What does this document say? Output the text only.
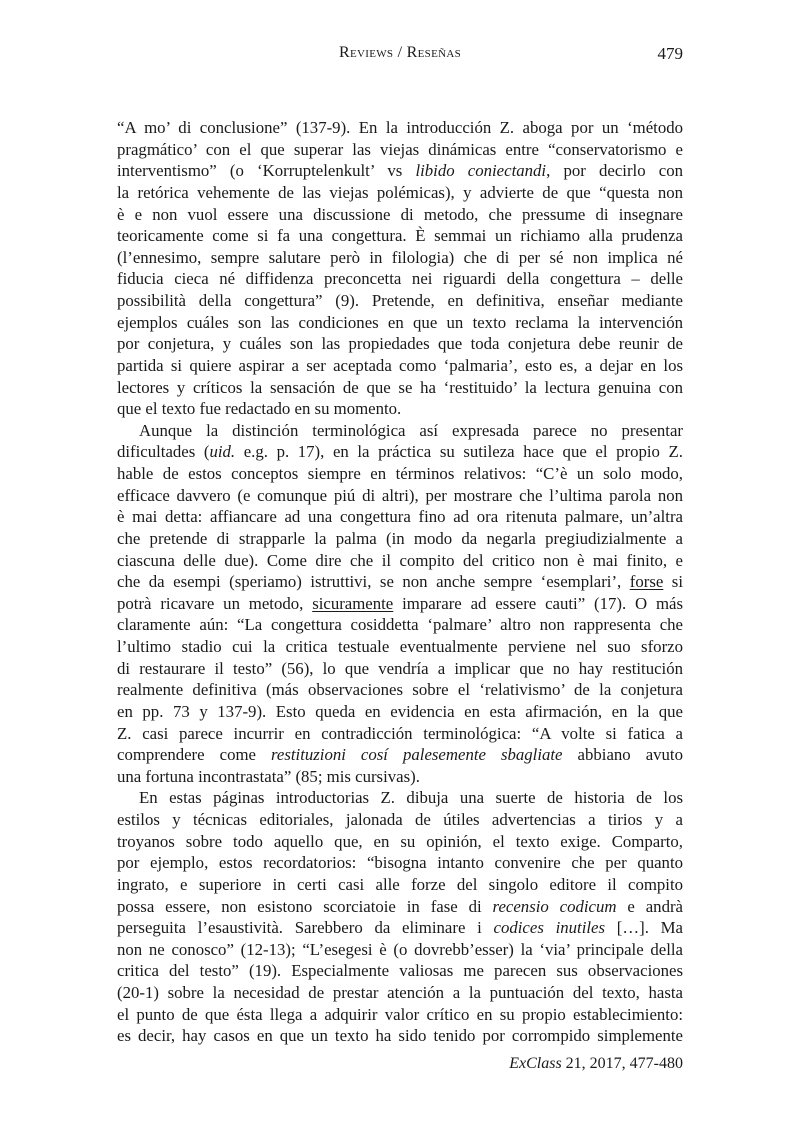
Reviews / Reseñas	479
“A mo’ di conclusione” (137-9). En la introducción Z. aboga por un ‘método
pragmático’ con el que superar las viejas dinámicas entre “conservatorismo e
interventismo” (o ‘Korruptelenkult’ vs libido coniectandi, por decirlo con
la retórica vehemente de las viejas polémicas), y advierte de que “questa non
è e non vuol essere una discussione di metodo, che pressume di insegnare
teoricamente come si fa una congettura. È semmai un richiamo alla prudenza
(l’ennesimo, sempre salutare però in filologia) che di per sé non implica né
fiducia cieca né diffidenza preconcetta nei riguardi della congettura – delle
possibilità della congettura” (9). Pretende, en definitiva, enseñar mediante
ejemplos cuáles son las condiciones en que un texto reclama la intervención
por conjetura, y cuáles son las propiedades que toda conjetura debe reunir de
partida si quiere aspirar a ser aceptada como ‘palmaria’, esto es, a dejar en los
lectores y críticos la sensación de que se ha ‘restituido’ la lectura genuina con
que el texto fue redactado en su momento.
Aunque la distinción terminológica así expresada parece no presentar
dificultades (uid. e.g. p. 17), en la práctica su sutileza hace que el propio Z.
hable de estos conceptos siempre en términos relativos: “C’è un solo modo,
efficace davvero (e comunque piú di altri), per mostrare che l’ultima parola non
è mai detta: affiancare ad una congettura fino ad ora ritenuta palmare, un’altra
che pretende di strapparle la palma (in modo da negarla pregiudizialmente a
ciascuna delle due). Come dire che il compito del critico non è mai finito, e
che da esempi (speriamo) istruttivi, se non anche sempre ‘esemplari’, forse si
potrà ricavare un metodo, sicuramente imparare ad essere cauti” (17). O más
claramente aún: “La congettura cosiddetta ‘palmare’ altro non rappresenta che
l’ultimo stadio cui la critica testuale eventualmente perviene nel suo sforzo
di restaurare il testo” (56), lo que vendría a implicar que no hay restitución
realmente definitiva (más observaciones sobre el ‘relativismo’ de la conjetura
en pp. 73 y 137-9). Esto queda en evidencia en esta afirmación, en la que
Z. casi parece incurrir en contradicción terminológica: “A volte si fatica a
comprendere come restituzioni cosí palesemente sbagliate abbiano avuto
una fortuna incontrastata” (85; mis cursivas).
En estas páginas introductorias Z. dibuja una suerte de historia de los
estilos y técnicas editoriales, jalonada de útiles advertencias a tirios y a
troyanos sobre todo aquello que, en su opinión, el texto exige. Comparto,
por ejemplo, estos recordatorios: “bisogna intanto convenire che per quanto
ingrato, e superiore in certi casi alle forze del singolo editore il compito
possa essere, non esistono scorciatoie in fase di recensio codicum e andrà
perseguita l’esaustività. Sarebbero da eliminare i codices inutiles […]. Ma
non ne conosco” (12-13); “L’esegesi è (o dovrebb’esser) la ‘via’ principale della
critica del testo” (19). Especialmente valiosas me parecen sus observaciones
(20-1) sobre la necesidad de prestar atención a la puntuación del texto, hasta
el punto de que ésta llega a adquirir valor crítico en su propio establecimiento:
es decir, hay casos en que un texto ha sido tenido por corrompido simplemente
ExClass 21, 2017, 477-480
